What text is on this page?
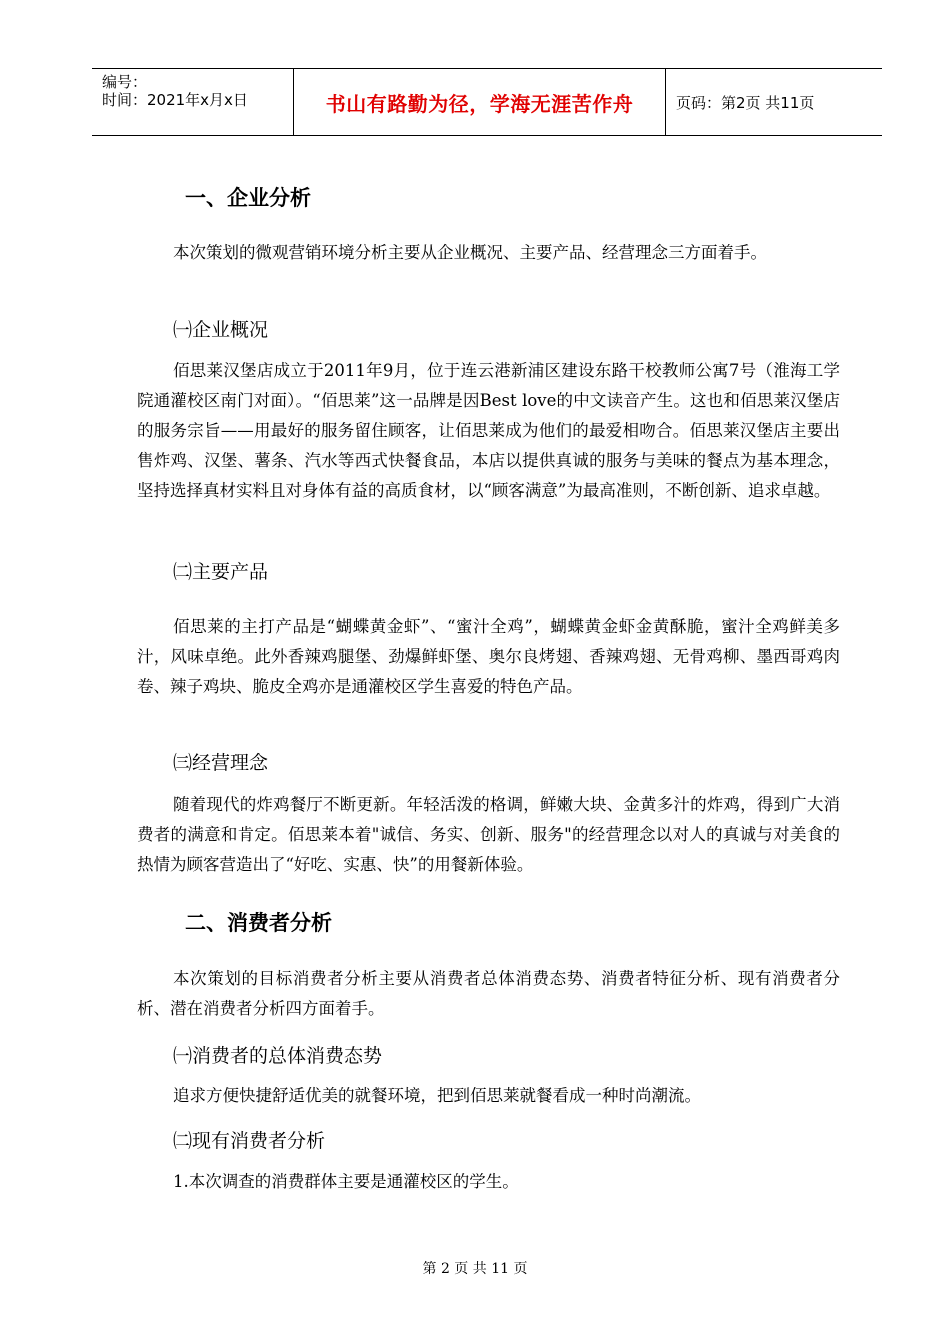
编号：
时间：2021年x月x日	书山有路勤为径，学海无涯苦作舟	页码：第2页 共11页
一、企业分析
本次策划的微观营销环境分析主要从企业概况、主要产品、经营理念三方面着手。
㈠企业概况
佰思莱汉堡店成立于2011年9月，位于连云港新浦区建设东路干校教师公寓7号（淮海工学院通灌校区南门对面）。“佰思莱”这一品牌是因Best love的中文读音产生。这也和佰思莱汉堡店的服务宗旨——用最好的服务留住顾客，让佰思莱成为他们的最爱相吻合。佰思莱汉堡店主要出售炸鸡、汉堡、薯条、汽水等西式快餐食品，本店以提供真诚的服务与美味的餐点为基本理念，坚持选择真材实料且对身体有益的高质食材，以“顾客满意”为最高准则，不断创新、追求卓越。
㈡主要产品
佰思莱的主打产品是“蝴蝶黄金虾”、“蜜汁全鸡”，蝴蝶黄金虾金黄酥脆，蜜汁全鸡鲜美多汁，风味卓绝。此外香辣鸡腿堡、劲爆鲜虾堡、奥尔良烤翅、香辣鸡翅、无骨鸡柳、墨西哥鸡肉卷、辣子鸡块、脆皮全鸡亦是通灌校区学生喜爱的特色产品。
㈢经营理念
随着现代的炸鸡餐厅不断更新。年轻活泼的格调，鲜嫩大块、金黄多汁的炸鸡，得到广大消费者的满意和肯定。佰思莱本着"诚信、务实、创新、服务"的经营理念以对人的真诚与对美食的热情为顾客营造出了“好吃、实惠、快”的用餐新体验。
二、消费者分析
本次策划的目标消费者分析主要从消费者总体消费态势、消费者特征分析、现有消费者分析、潜在消费者分析四方面着手。
㈠消费者的总体消费态势
追求方便快捷舒适优美的就餐环境，把到佰思莱就餐看成一种时尚潮流。
㈡现有消费者分析
1.本次调查的消费群体主要是通灌校区的学生。
第 2 页 共 11 页
